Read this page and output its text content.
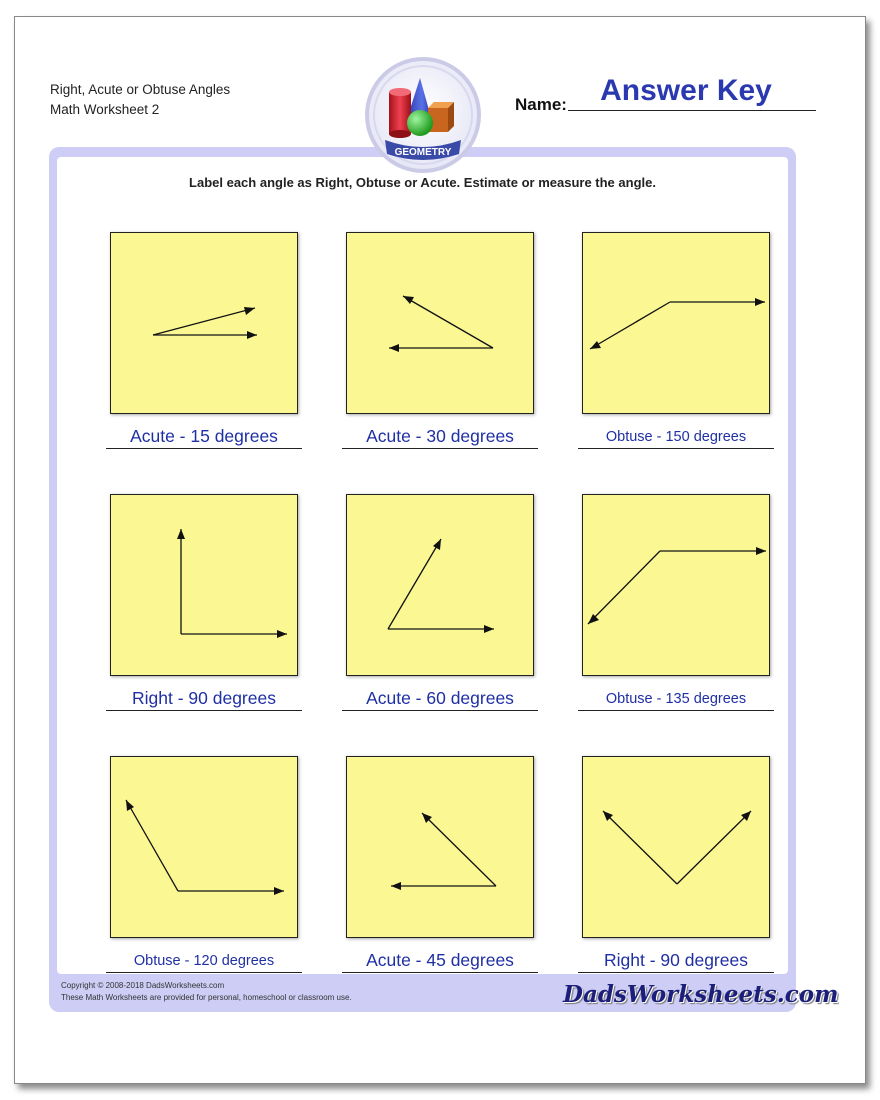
Right, Acute or Obtuse Angles
Math Worksheet 2	Name:	Answer Key
GEOMETRY
Label each angle as Right, Obtuse or Acute. Estimate or measure the angle.
Acute - 15 degrees	Acute - 30 degrees	Obtuse - 150 degrees
Right - 90 degrees	Acute - 60 degrees	Obtuse - 135 degrees
Obtuse - 120 degrees	Acute - 45 degrees	Right - 90 degrees
Copyright © 2008-2018 DadsWorksheets.com
These Math Worksheets are provided for personal, homeschool or classroom use.	DadsWorksheets.com
